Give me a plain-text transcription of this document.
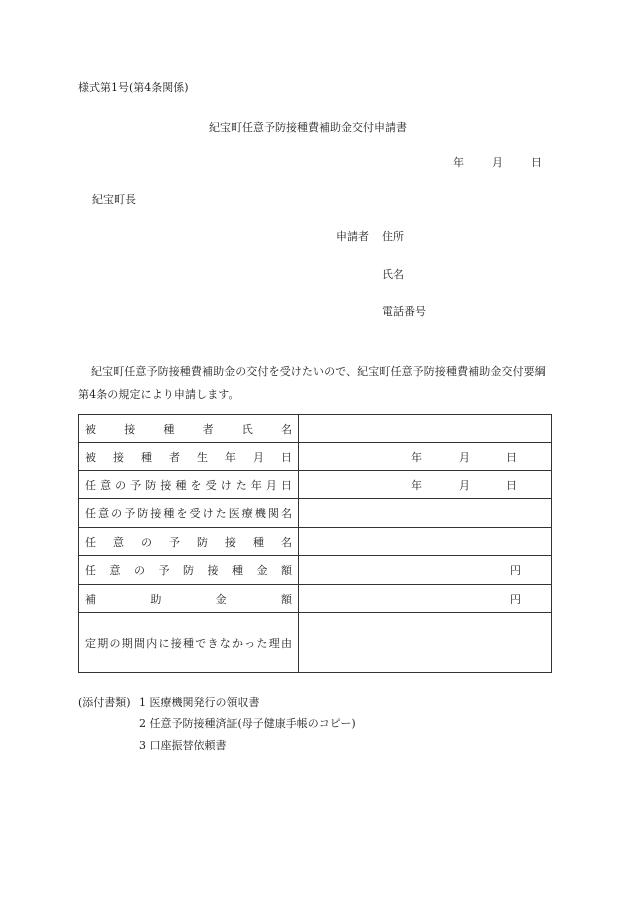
様式第1号(第4条関係)
紀宝町任意予防接種費補助金交付申請書
年	月	日
紀宝町長
申請者 住所
氏名
電話番号
紀宝町任意予防接種費補助金の交付を受けたいので、紀宝町任意予防接種費補助金交付要綱第4条の規定により申請します。
被接種者氏名	
被接種者生年月日	年 月 日

任意の予防接種を受けた年月日	年 月 日

任意の予防接種を受けた医療機関名	
任意の予防接種名	
任意の予防接種金額	円

補助金額	円

定期の期間内に接種できなかった理由	
(添付書類) 1 医療機関発行の領収書
2 任意予防接種済証(母子健康手帳のコピー)
3 口座振替依頼書
